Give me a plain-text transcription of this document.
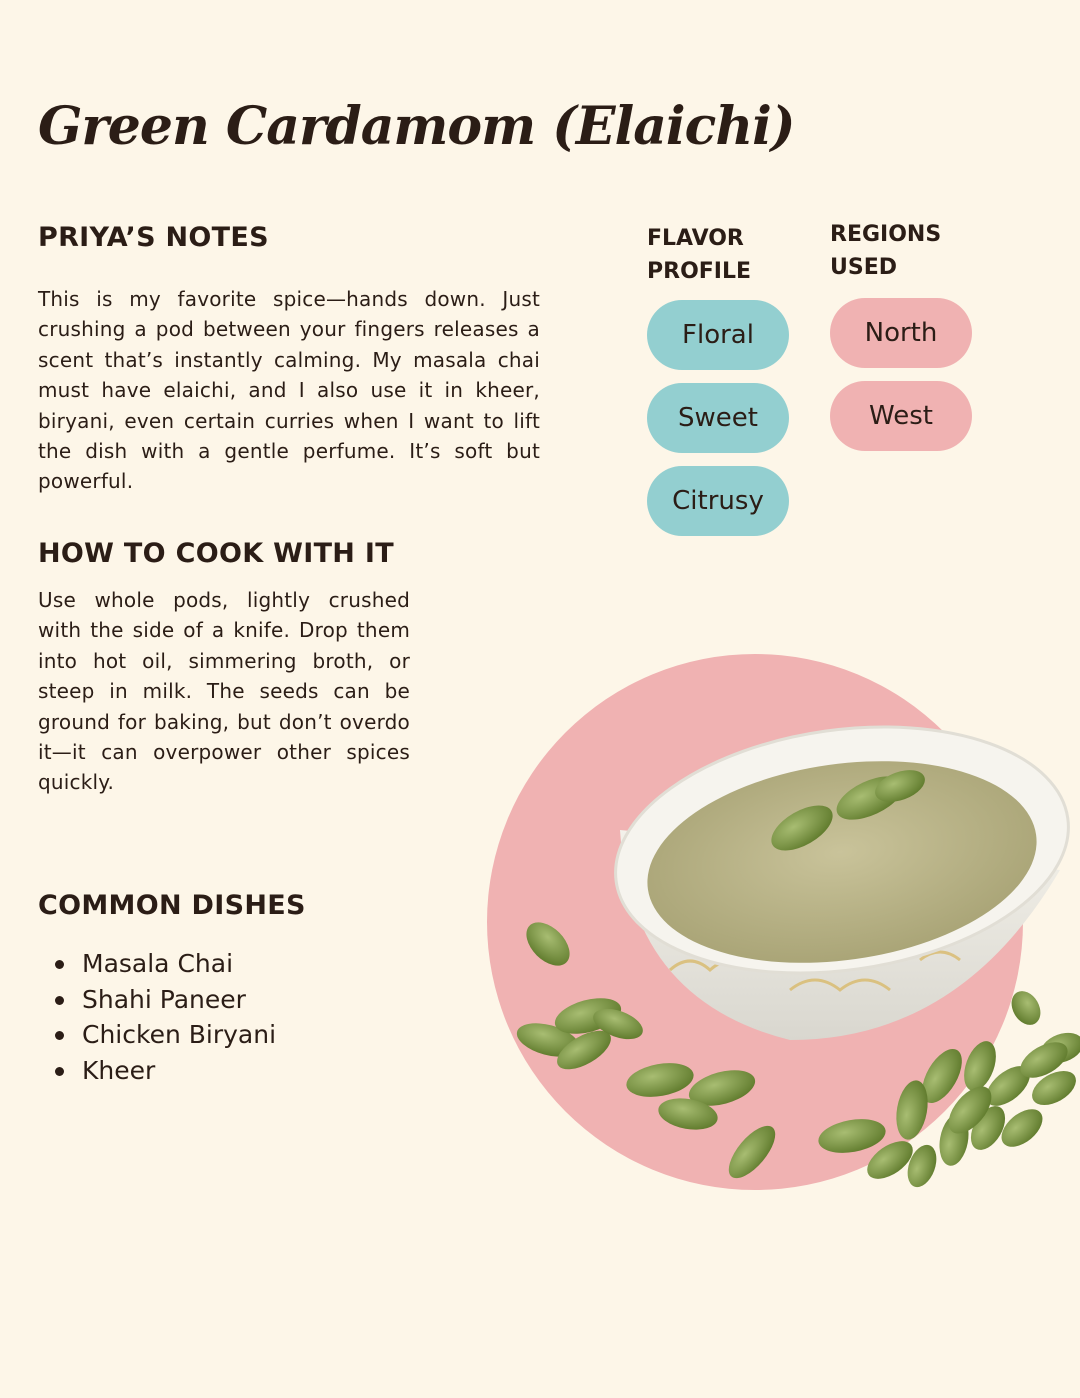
Green Cardamom (Elaichi)
PRIYA’S NOTES

This is my favorite spice—hands down. Just crushing a pod between your fingers releases a scent that’s instantly calming. My masala chai must have elaichi, and I also use it in kheer, biryani, even certain curries when I want to lift the dish with a gentle perfume. It’s soft but powerful.

HOW TO COOK WITH IT

Use whole pods, lightly crushed with the side of a knife. Drop them into hot oil, simmering broth, or steep in milk. The seeds can be ground for baking, but don’t overdo it—it can overpower other spices quickly.

COMMON DISHES
Masala Chai
Shahi Paneer
Chicken Biryani
Kheer
FLAVOR
PROFILE
Floral
Sweet
Citrusy
REGIONS
USED
North
West
